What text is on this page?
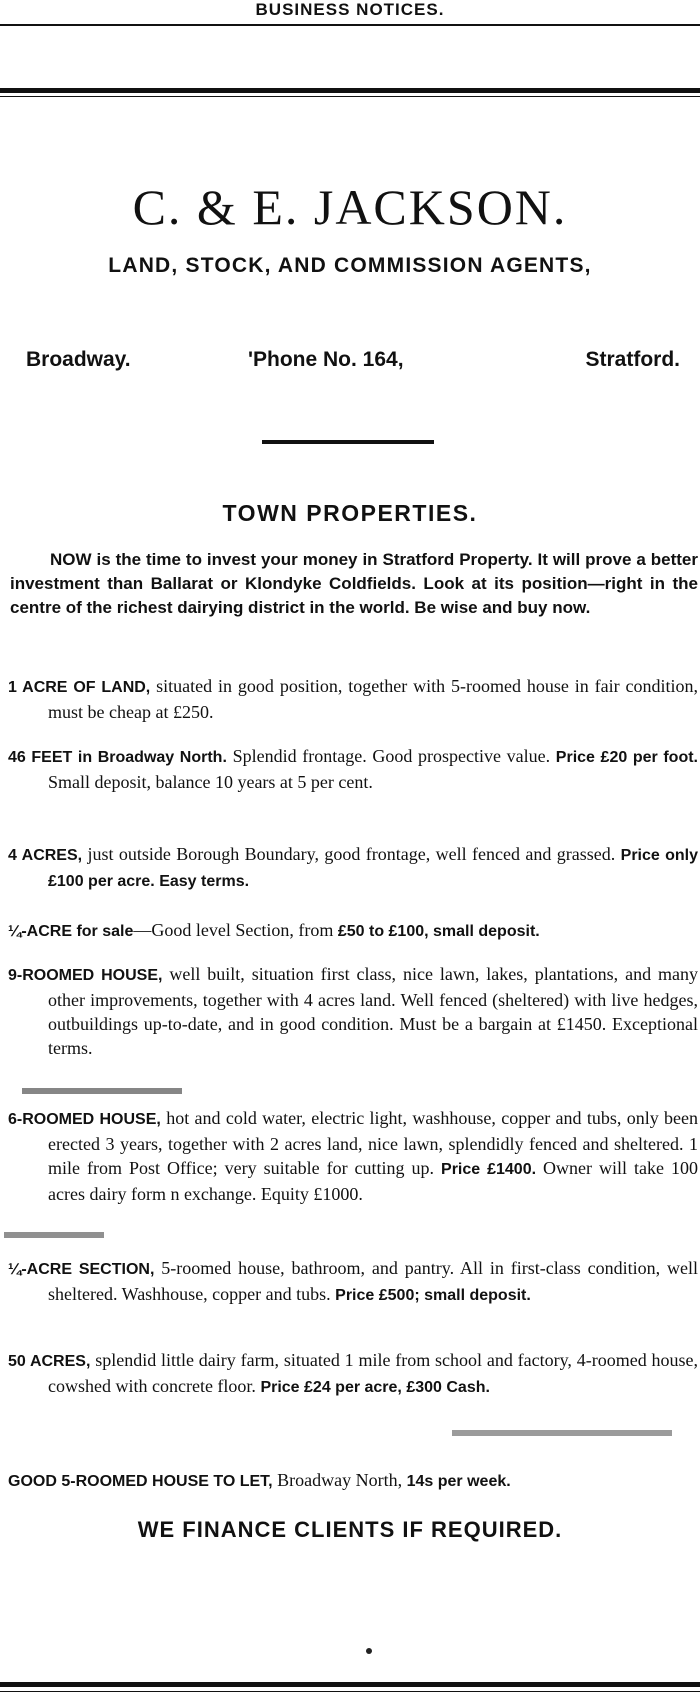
BUSINESS NOTICES.
C. & E. JACKSON.
LAND, STOCK, AND COMMISSION AGENTS,
Broadway.	'Phone No. 164,	Stratford.
TOWN PROPERTIES.
NOW is the time to invest your money in Stratford Property. It will prove a better investment than Ballarat or Klondyke Coldfields. Look at its position—right in the centre of the richest dairying district in the world. Be wise and buy now.
1 ACRE OF LAND, situated in good position, together with 5-roomed house in fair condition, must be cheap at £250.
46 FEET in Broadway North. Splendid frontage. Good prospective value. Price £20 per foot. Small deposit, balance 10 years at 5 per cent.
4 ACRES, just outside Borough Boundary, good frontage, well fenced and grassed. Price only £100 per acre. Easy terms.
¼-ACRE for sale—Good level Section, from £50 to £100, small deposit.
9-ROOMED HOUSE, well built, situation first class, nice lawn, lakes, plantations, and many other improvements, together with 4 acres land. Well fenced (sheltered) with live hedges, outbuildings up-to-date, and in good condition. Must be a bargain at £1450. Exceptional terms.
6-ROOMED HOUSE, hot and cold water, electric light, washhouse, copper and tubs, only been erected 3 years, together with 2 acres land, nice lawn, splendidly fenced and sheltered. 1 mile from Post Office; very suitable for cutting up. Price £1400. Owner will take 100 acres dairy form n exchange. Equity £1000.
¼-ACRE SECTION, 5-roomed house, bathroom, and pantry. All in first-class condition, well sheltered. Washhouse, copper and tubs. Price £500; small deposit.
50 ACRES, splendid little dairy farm, situated 1 mile from school and factory, 4-roomed house, cowshed with concrete floor. Price £24 per acre, £300 Cash.
GOOD 5-ROOMED HOUSE TO LET, Broadway North, 14s per week.
WE FINANCE CLIENTS IF REQUIRED.
